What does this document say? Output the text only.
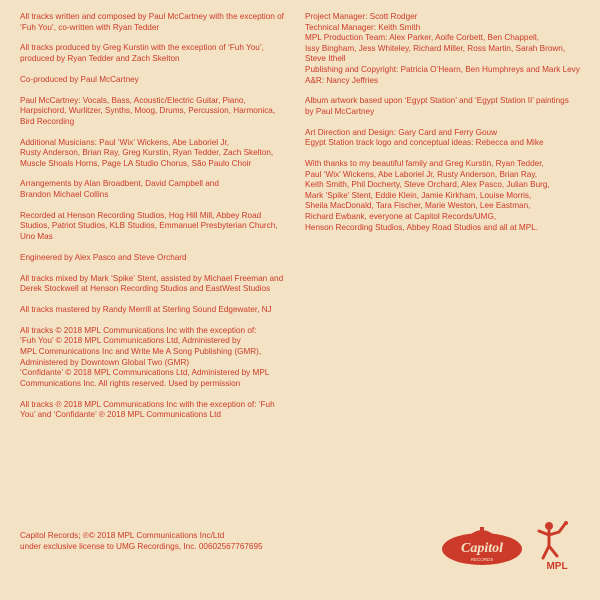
All tracks written and composed by Paul McCartney with the exception of
‘Fuh You’, co-written with Ryan Tedder

All tracks produced by Greg Kurstin with the exception of ‘Fuh You’,
produced by Ryan Tedder and Zach Skelton

Co-produced by Paul McCartney

Paul McCartney: Vocals, Bass, Acoustic/Electric Guitar, Piano,
Harpsichord, Wurlitzer, Synths, Moog, Drums, Percussion, Harmonica,
Bird Recording

Additional Musicians: Paul ‘Wix’ Wickens, Abe Laboriel Jr,
Rusty Anderson, Brian Ray, Greg Kurstin, Ryan Tedder, Zach Skelton,
Muscle Shoals Horns, Page LA Studio Chorus, São Paulo Choir

Arrangements by Alan Broadbent, David Campbell and
Brandon Michael Collins

Recorded at Henson Recording Studios, Hog Hill Mill, Abbey Road
Studios, Patriot Studios, KLB Studios, Emmanuel Presbyterian Church,
Uno Mas

Engineered by Alex Pasco and Steve Orchard

All tracks mixed by Mark ‘Spike’ Stent, assisted by Michael Freeman and
Derek Stockwell at Henson Recording Studios and EastWest Studios

All tracks mastered by Randy Merrill at Sterling Sound Edgewater, NJ

All tracks © 2018 MPL Communications Inc with the exception of:
‘Fuh You’ © 2018 MPL Communications Ltd, Administered by
MPL Communications Inc and Write Me A Song Publishing (GMR),
Administered by Downtown Global Two (GMR)
‘Confidante’ © 2018 MPL Communications Ltd, Administered by MPL
Communications Inc. All rights reserved. Used by permission

All tracks ℗ 2018 MPL Communications Inc with the exception of: ‘Fuh
You’ and ‘Confidante’ ℗ 2018 MPL Communications Ltd

Project Manager: Scott Rodger
Technical Manager: Keith Smith
MPL Production Team: Alex Parker, Aoife Corbett, Ben Chappell,
Issy Bingham, Jess Whiteley, Richard Miller, Ross Martin, Sarah Brown,
Steve Ithell
Publishing and Copyright: Patricia O’Hearn, Ben Humphreys and Mark Levy
A&R: Nancy Jeffries

Album artwork based upon ‘Egypt Station’ and ‘Egypt Station II’ paintings
by Paul McCartney

Art Direction and Design: Gary Card and Ferry Gouw
Egypt Station track logo and conceptual ideas: Rebecca and Mike

With thanks to my beautiful family and Greg Kurstin, Ryan Tedder,
Paul ‘Wix’ Wickens, Abe Laboriel Jr, Rusty Anderson, Brian Ray,
Keith Smith, Phil Docherty, Steve Orchard, Alex Pasco, Julian Burg,
Mark ‘Spike’ Stent, Eddie Klein, Jamie Kirkham, Louise Morris,
Sheila MacDonald, Tara Fischer, Marie Weston, Lee Eastman,
Richard Ewbank, everyone at Capitol Records/UMG,
Henson Recording Studios, Abbey Road Studios and all at MPL.

Capitol Records; ℗© 2018 MPL Communications Inc/Ltd
under exclusive license to UMG Recordings, Inc. 00602567767695	Capitol
RECORDS
MPL
